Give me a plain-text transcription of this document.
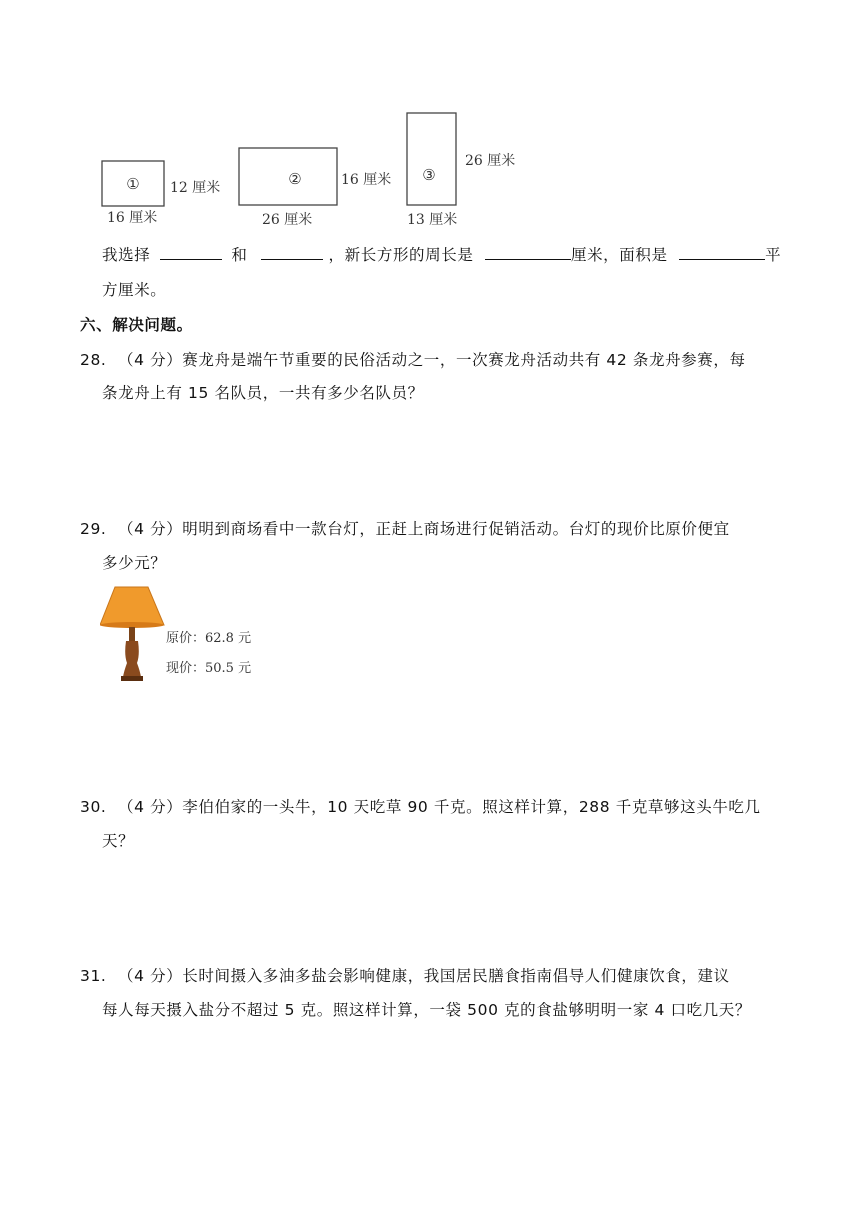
① 12 厘米
16 厘米
②	16 厘米
26 厘米
③
26 厘米
13 厘米
我选择	和	，新长方形的周长是	厘米，面积是	平
方厘米。
六、解决问题。
28. （4 分）赛龙舟是端午节重要的民俗活动之一，一次赛龙舟活动共有 42 条龙舟参赛，每
条龙舟上有 15 名队员，一共有多少名队员？
29. （4 分）明明到商场看中一款台灯，正赶上商场进行促销活动。台灯的现价比原价便宜
多少元？
原价：62.8 元
现价：50.5 元
30. （4 分）李伯伯家的一头牛，10 天吃草 90 千克。照这样计算，288 千克草够这头牛吃几
天？
31. （4 分）长时间摄入多油多盐会影响健康，我国居民膳食指南倡导人们健康饮食，建议
每人每天摄入盐分不超过 5 克。照这样计算，一袋 500 克的食盐够明明一家 4 口吃几天？
